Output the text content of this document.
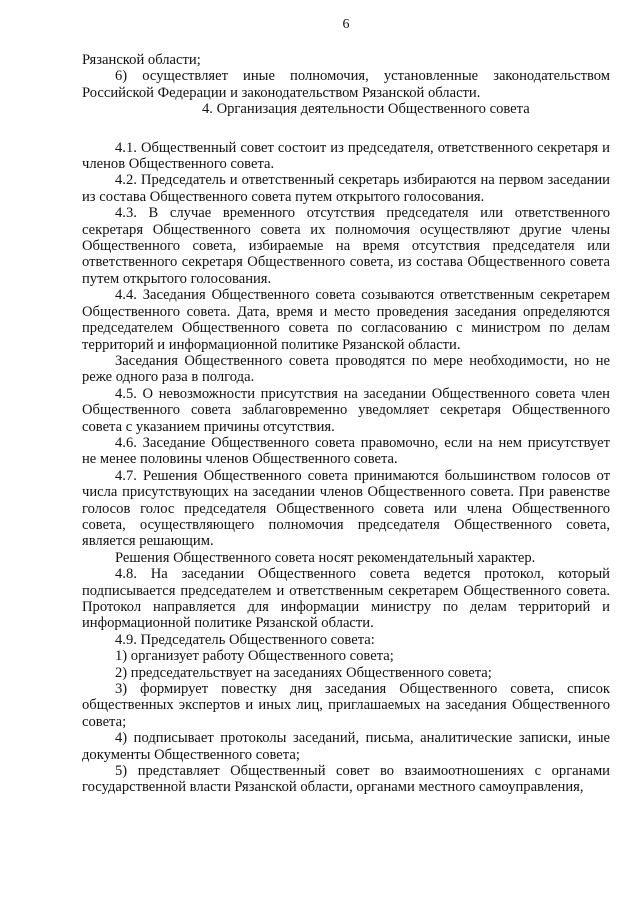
6

Рязанской области;

6) осуществляет иные полномочия, установленные законодательством Российской Федерации и законодательством Рязанской области.

4. Организация деятельности Общественного совета

4.1. Общественный совет состоит из председателя, ответственного секретаря и членов Общественного совета.

4.2. Председатель и ответственный секретарь избираются на первом заседании из состава Общественного совета путем открытого голосования.

4.3. В случае временного отсутствия председателя или ответственного секретаря Общественного совета их полномочия осуществляют другие члены Общественного совета, избираемые на время отсутствия председателя или ответственного секретаря Общественного совета, из состава Общественного совета путем открытого голосования.

4.4. Заседания Общественного совета созываются ответственным секретарем Общественного совета. Дата, время и место проведения заседания определяются председателем Общественного совета по согласованию с министром по делам территорий и информационной политике Рязанской области.

Заседания Общественного совета проводятся по мере необходимости, но не реже одного раза в полгода.

4.5. О невозможности присутствия на заседании Общественного совета член Общественного совета заблаговременно уведомляет секретаря Общественного совета с указанием причины отсутствия.

4.6. Заседание Общественного совета правомочно, если на нем присутствует не менее половины членов Общественного совета.

4.7. Решения Общественного совета принимаются большинством голосов от числа присутствующих на заседании членов Общественного совета. При равенстве голосов голос председателя Общественного совета или члена Общественного совета, осуществляющего полномочия председателя Общественного совета, является решающим.

Решения Общественного совета носят рекомендательный характер.

4.8. На заседании Общественного совета ведется протокол, который подписывается председателем и ответственным секретарем Общественного совета. Протокол направляется для информации министру по делам территорий и информационной политике Рязанской области.

4.9. Председатель Общественного совета:

1) организует работу Общественного совета;

2) председательствует на заседаниях Общественного совета;

3) формирует повестку дня заседания Общественного совета, список общественных экспертов и иных лиц, приглашаемых на заседания Общественного совета;

4) подписывает протоколы заседаний, письма, аналитические записки, иные документы Общественного совета;

5) представляет Общественный совет во взаимоотношениях с органами государственной власти Рязанской области, органами местного самоуправления,
